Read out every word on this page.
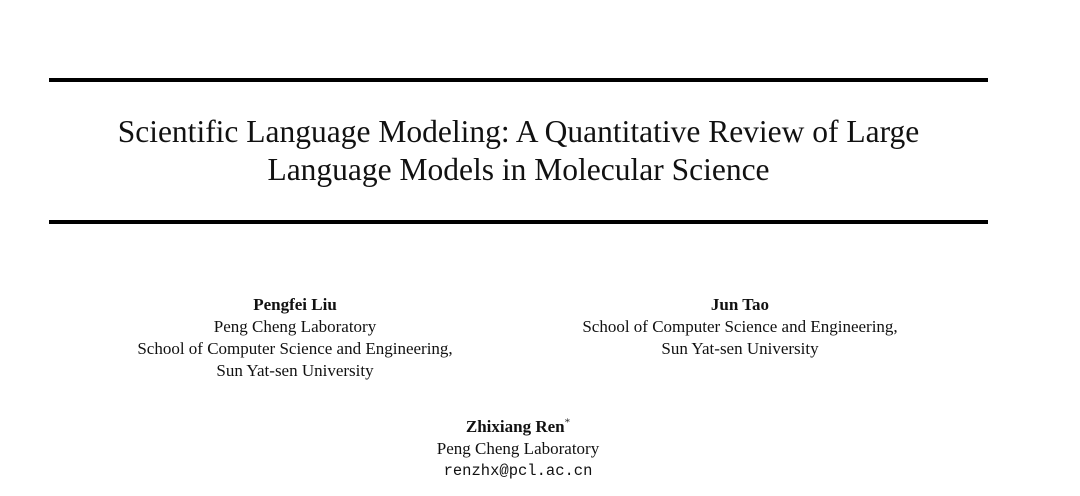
Scientific Language Modeling: A Quantitative Review of Large
Language Models in Molecular Science
Pengfei Liu
Peng Cheng Laboratory
School of Computer Science and Engineering,
Sun Yat-sen University
Jun Tao
School of Computer Science and Engineering,
Sun Yat-sen University
Zhixiang Ren*
Peng Cheng Laboratory
renzhx@pcl.ac.cn
